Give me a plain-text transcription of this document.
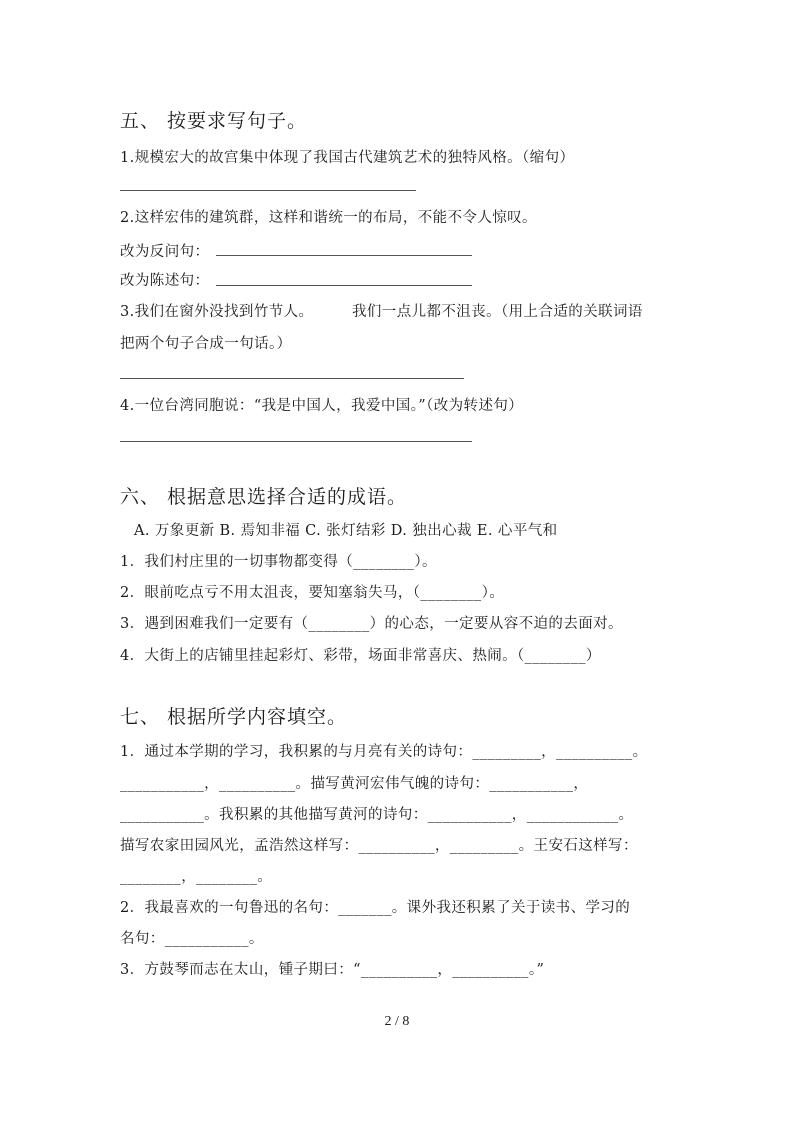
五、 按要求写句子。
1.规模宏大的故宫集中体现了我国古代建筑艺术的独特风格。（缩句）
2.这样宏伟的建筑群，这样和谐统一的布局，不能不令人惊叹。
改为反问句：
改为陈述句：
3.我们在窗外没找到竹节人。	我们一点儿都不沮丧。（用上合适的关联词语
把两个句子合成一句话。）
4.一位台湾同胞说：“我是中国人，我爱中国。”（改为转述句）
六、 根据意思选择合适的成语。
A. 万象更新 B. 焉知非福 C. 张灯结彩 D. 独出心裁 E. 心平气和
1．我们村庄里的一切事物都变得（________）。
2．眼前吃点亏不用太沮丧，要知塞翁失马，（________）。
3．遇到困难我们一定要有（________）的心态，一定要从容不迫的去面对。
4．大街上的店铺里挂起彩灯、彩带，场面非常喜庆、热闹。（________）
七、 根据所学内容填空。
1．通过本学期的学习，我积累的与月亮有关的诗句：_________，__________。
___________，__________。描写黄河宏伟气魄的诗句：___________，
___________。我积累的其他描写黄河的诗句：___________，____________。
描写农家田园风光，孟浩然这样写：__________，_________。王安石这样写：
________，________。
2．我最喜欢的一句鲁迅的名句：_______。课外我还积累了关于读书、学习的
名句：___________。
3．方鼓琴而志在太山，锺子期曰：“__________，__________。”
2 / 8
